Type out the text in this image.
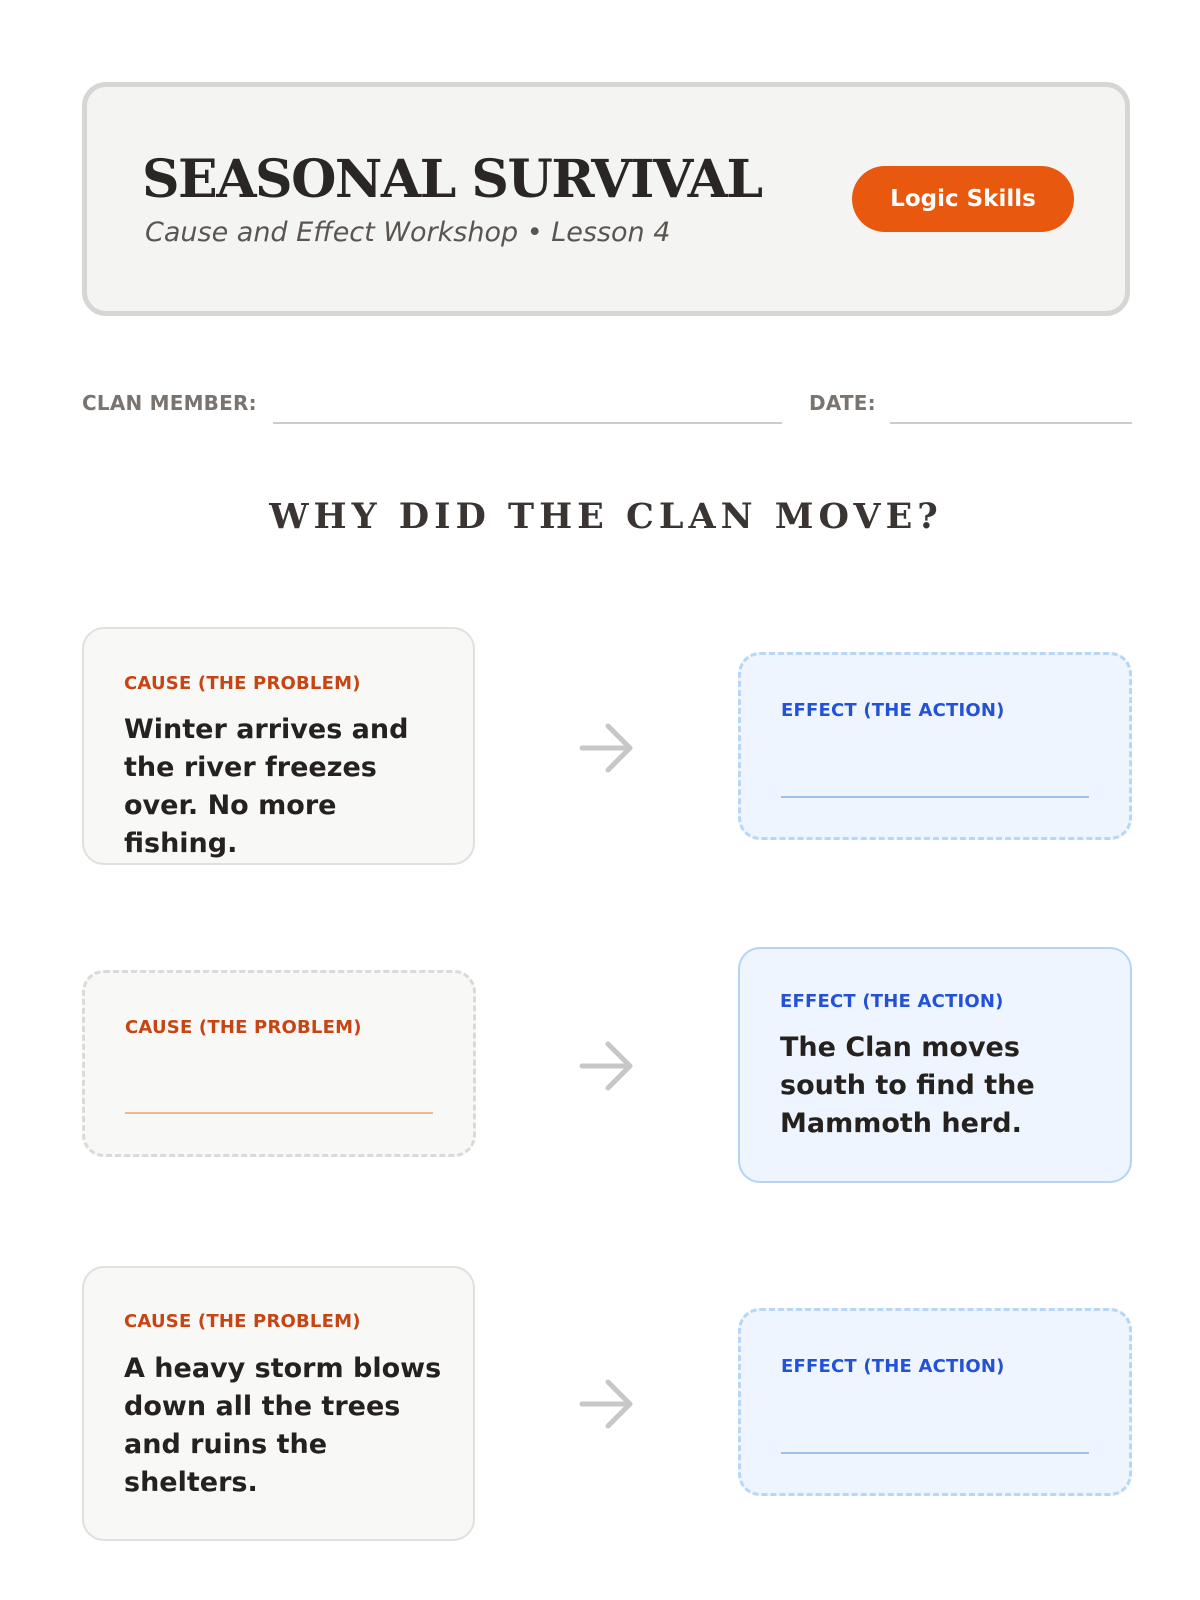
SEASONAL SURVIVAL
Cause and Effect Workshop • Lesson 4
Logic Skills
CLAN MEMBER:	DATE:
WHY DID THE CLAN MOVE?
CAUSE (THE PROBLEM)
Winter arrives and the river freezes over. No more fishing.
EFFECT (THE ACTION)
CAUSE (THE PROBLEM)
EFFECT (THE ACTION)
The Clan moves south to find the Mammoth herd.
CAUSE (THE PROBLEM)
A heavy storm blows down all the trees and ruins the shelters.
EFFECT (THE ACTION)
